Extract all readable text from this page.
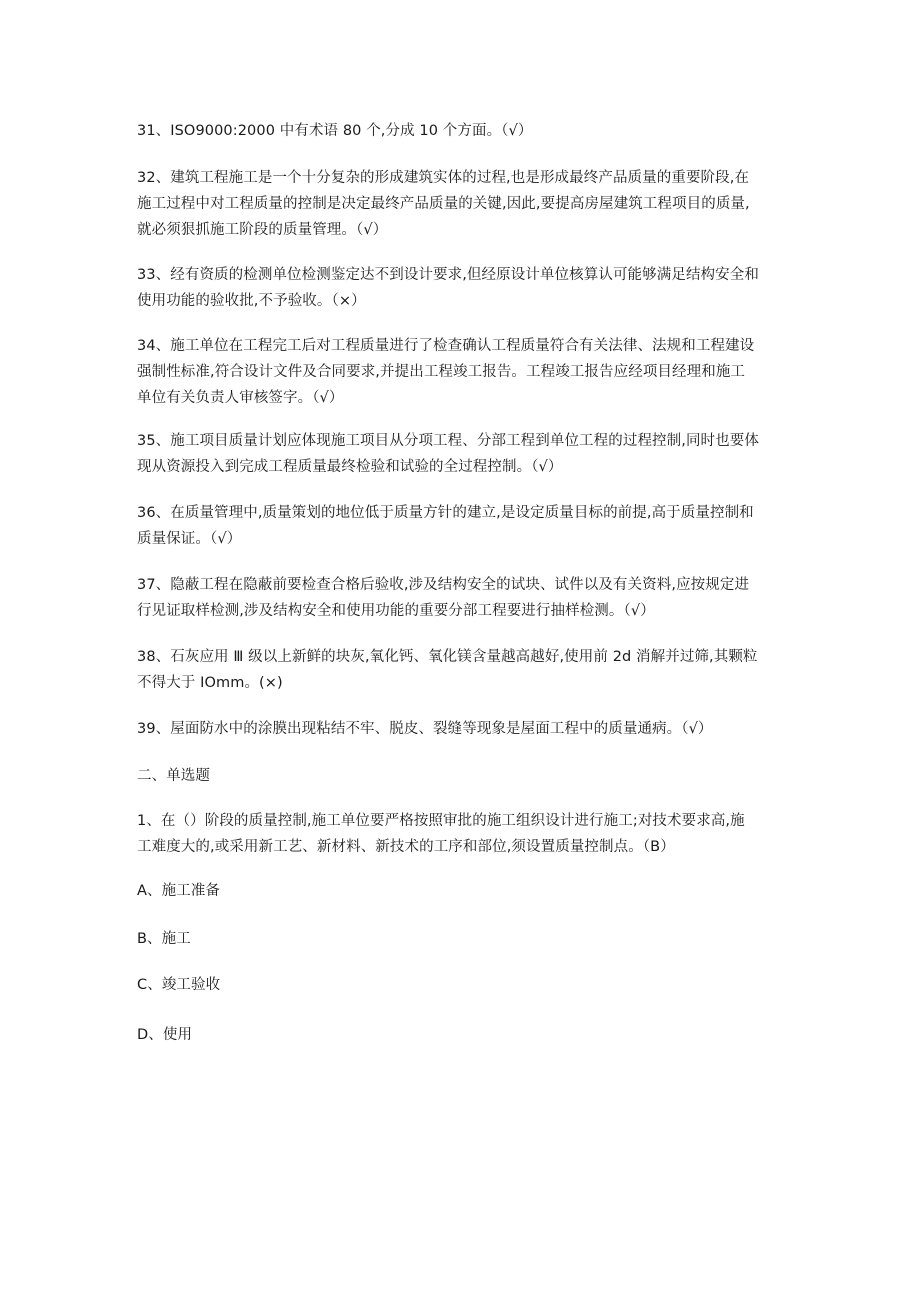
31、ISO9000:2000 中有术语 80 个,分成 10 个方面。（√）

32、建筑工程施工是一个十分复杂的形成建筑实体的过程,也是形成最终产品质量的重要阶段,在
施工过程中对工程质量的控制是决定最终产品质量的关键,因此,要提高房屋建筑工程项目的质量,
就必须狠抓施工阶段的质量管理。（√）

33、经有资质的检测单位检测鉴定达不到设计要求,但经原设计单位核算认可能够满足结构安全和
使用功能的验收批,不予验收。（×）

34、施工单位在工程完工后对工程质量进行了检查确认工程质量符合有关法律、法规和工程建设
强制性标准,符合设计文件及合同要求,并提出工程竣工报告。工程竣工报告应经项目经理和施工
单位有关负责人审核签字。（√）

35、施工项目质量计划应体现施工项目从分项工程、分部工程到单位工程的过程控制,同时也要体
现从资源投入到完成工程质量最终检验和试验的全过程控制。（√）

36、在质量管理中,质量策划的地位低于质量方针的建立,是设定质量目标的前提,高于质量控制和
质量保证。（√）

37、隐蔽工程在隐蔽前要检查合格后验收,涉及结构安全的试块、试件以及有关资料,应按规定进
行见证取样检测,涉及结构安全和使用功能的重要分部工程要进行抽样检测。（√）

38、石灰应用 Ⅲ 级以上新鲜的块灰,氧化钙、氧化镁含量越高越好,使用前 2d 消解并过筛,其颗粒
不得大于 IOmm。(×)

39、屋面防水中的涂膜出现粘结不牢、脱皮、裂缝等现象是屋面工程中的质量通病。（√）

二、单选题

1、在（）阶段的质量控制,施工单位要严格按照审批的施工组织设计进行施工;对技术要求高,施
工难度大的,或采用新工艺、新材料、新技术的工序和部位,须设置质量控制点。（B）

A、施工准备

B、施工

C、竣工验收

D、使用
